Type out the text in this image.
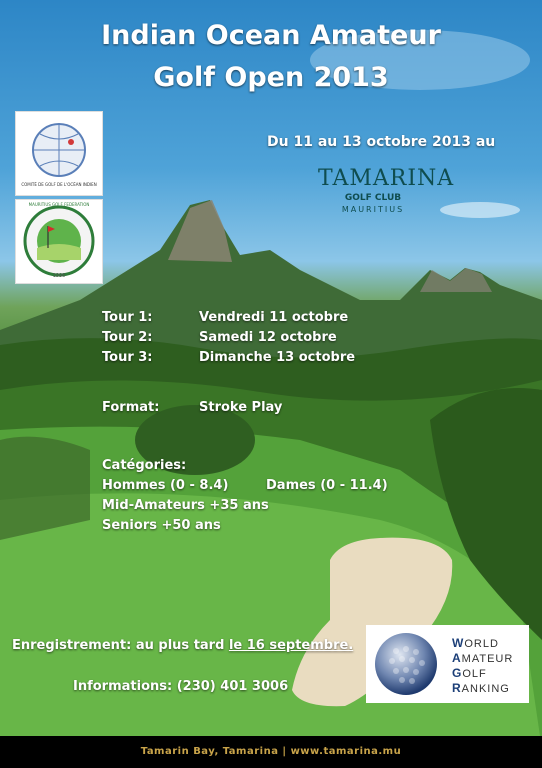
Indian Ocean Amateur
Golf Open 2013
Du 11 au 13 octobre 2013 au
TAMARINA
GOLF CLUB
MAURITIUS
COMITÉ DE GOLF DE L'OCÉAN INDIEN
MAURITIUS GOLF FEDERATION
1996
Tour 1:	Vendredi 11 octobre
Tour 2:	Samedi 12 octobre
Tour 3:	Dimanche 13 octobre
Format:	Stroke Play
Catégories:
Hommes (0 - 8.4)	Dames (0 - 11.4)
Mid-Amateurs +35 ans
Seniors +50 ans
Enregistrement: au plus tard le 16 septembre.
Informations: (230) 401 3006
WORLD
AMATEUR
GOLF
RANKING
Tamarin Bay, Tamarina | www.tamarina.mu
